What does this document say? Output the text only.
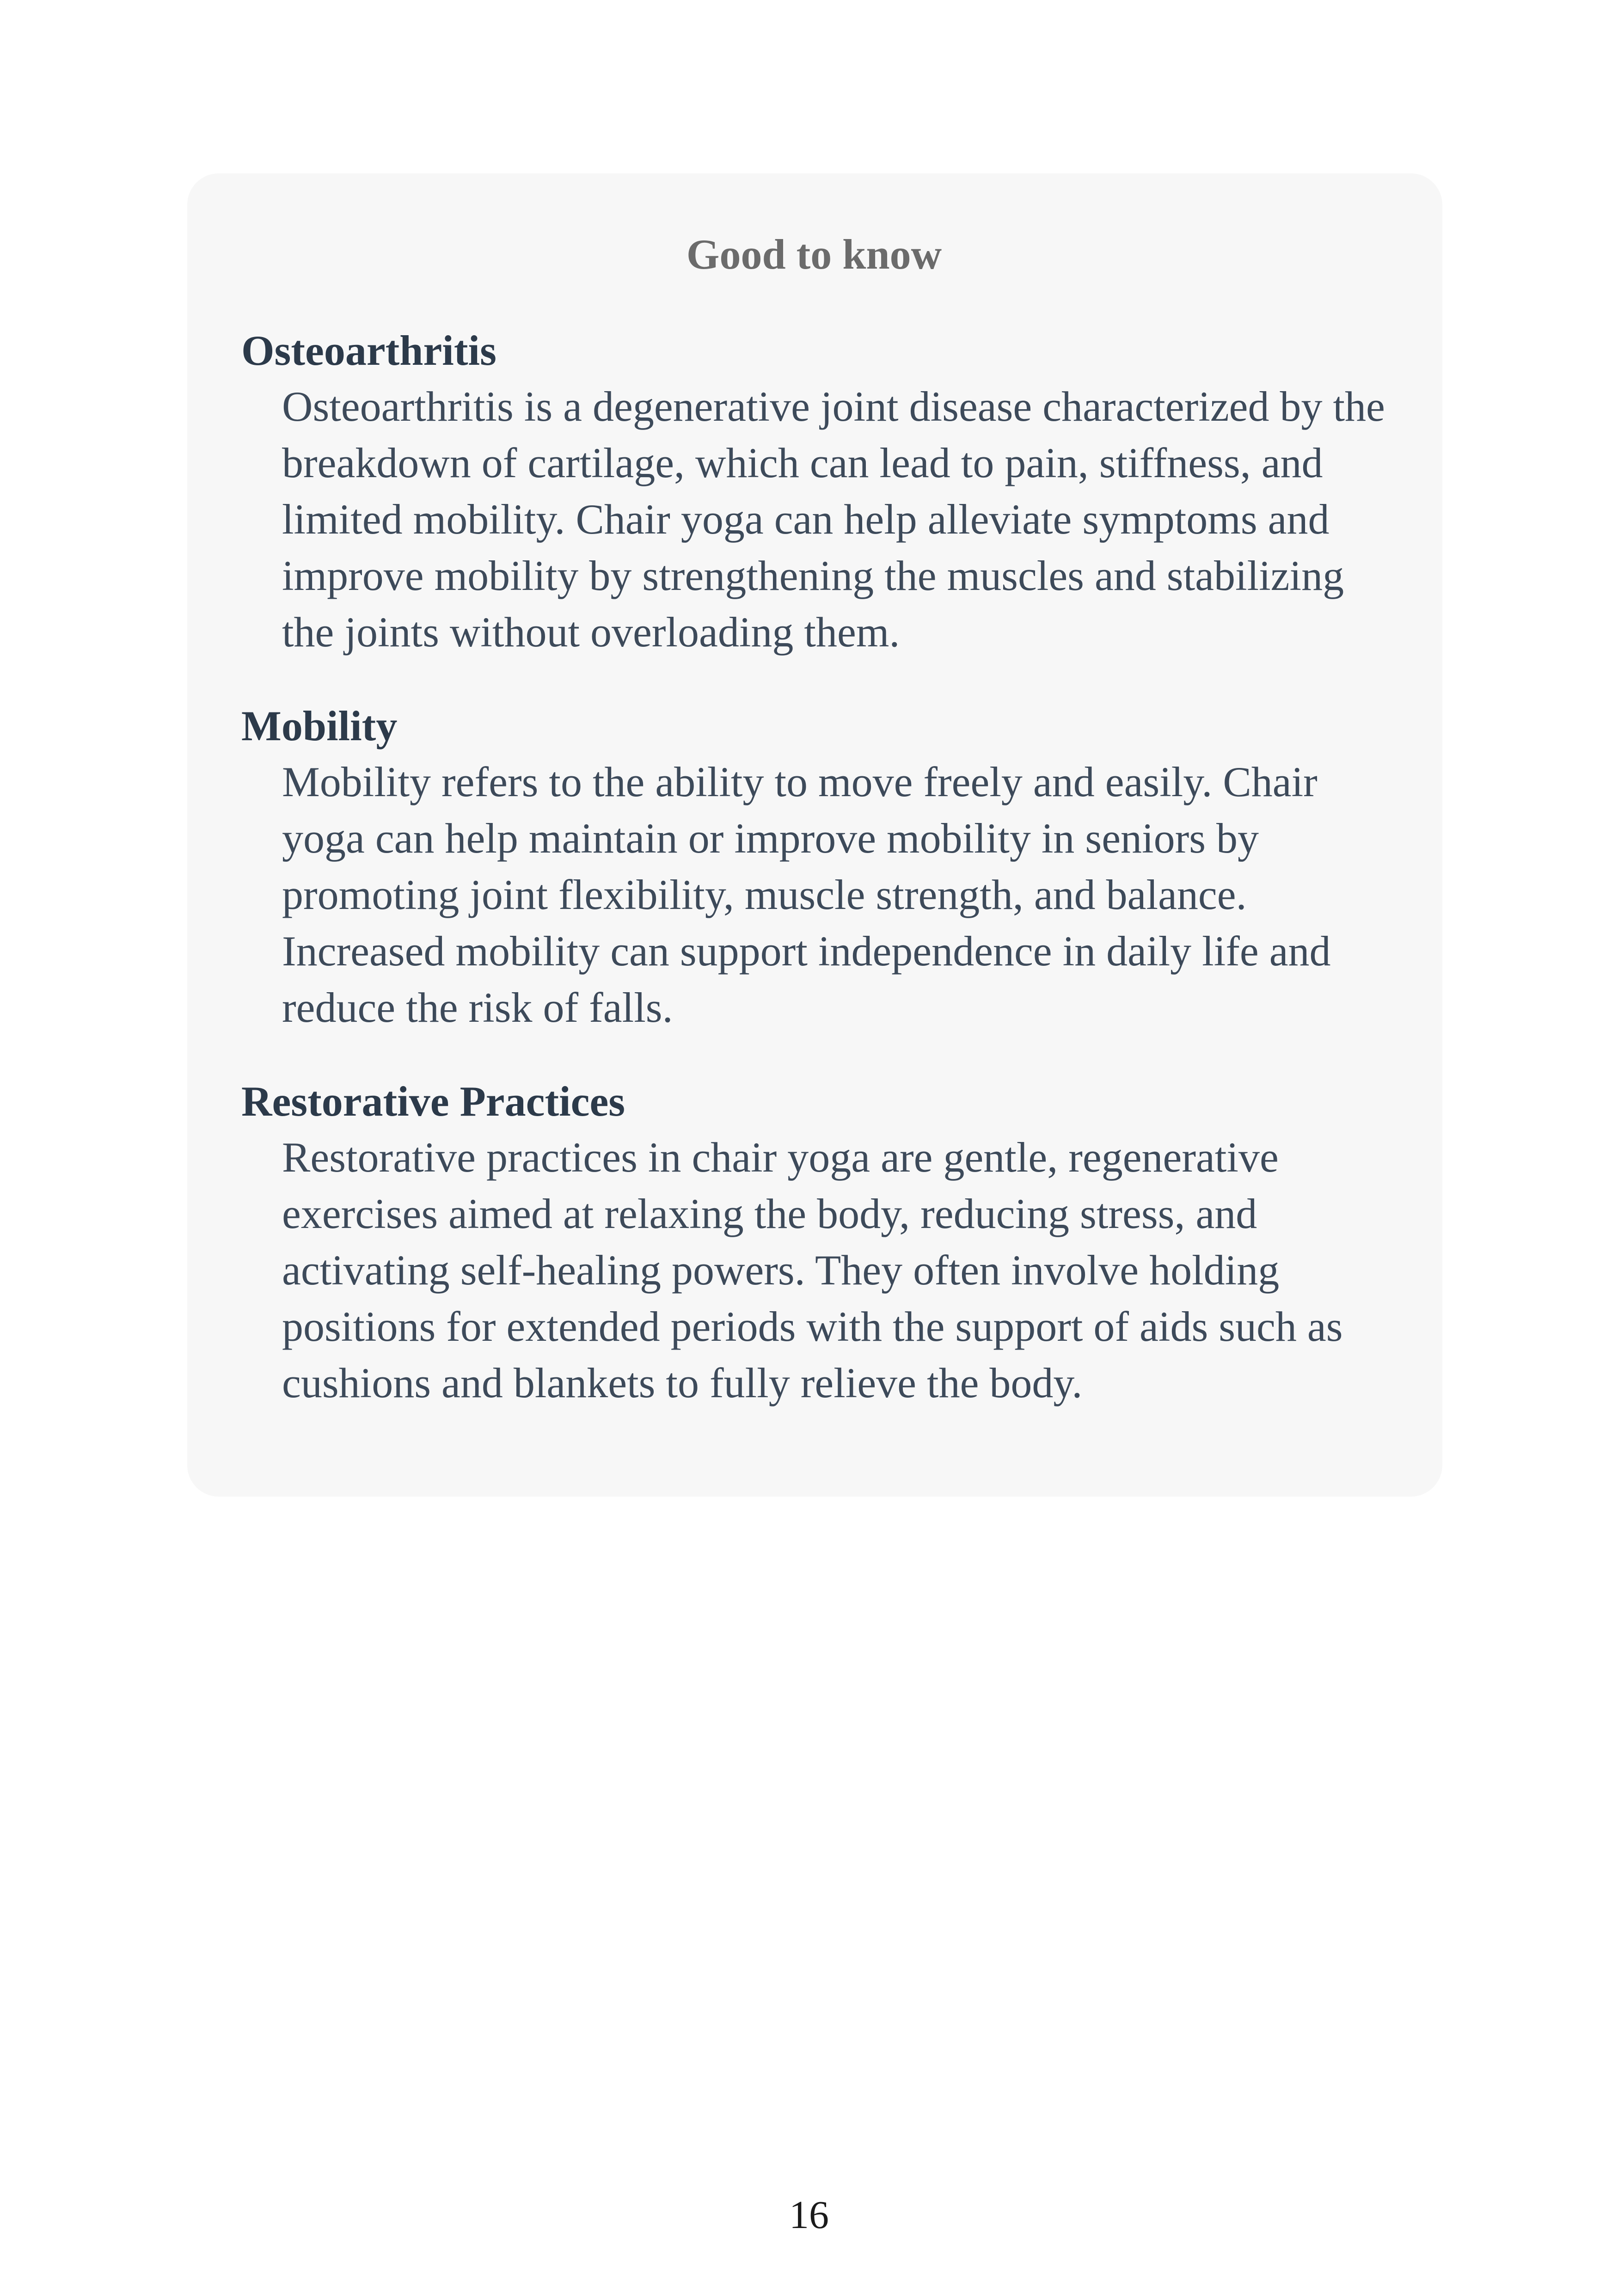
Good to know
Osteoarthritis

Osteoarthritis is a degenerative joint disease characterized by the breakdown of cartilage, which can lead to pain, stiffness, and limited mobility. Chair yoga can help alleviate symptoms and improve mobility by strengthening the muscles and stabilizing the joints without overloading them.

Mobility

Mobility refers to the ability to move freely and easily. Chair yoga can help maintain or improve mobility in seniors by promoting joint flexibility, muscle strength, and balance. Increased mobility can support independence in daily life and reduce the risk of falls.

Restorative Practices

Restorative practices in chair yoga are gentle, regenerative exercises aimed at relaxing the body, reducing stress, and activating self-healing powers. They often involve holding positions for extended periods with the support of aids such as cushions and blankets to fully relieve the body.

16
